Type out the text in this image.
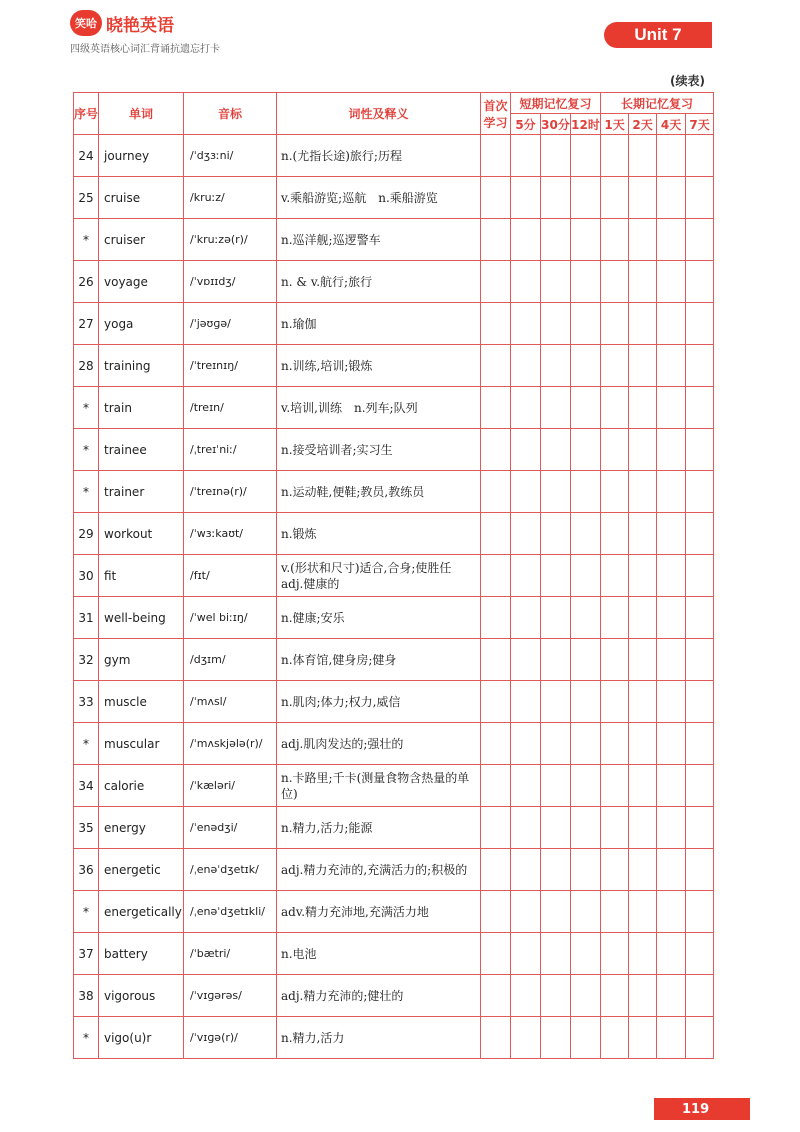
笑哈 晓艳英语
四级英语核心词汇背诵抗遗忘打卡
Unit 7
(续表)
序号	单词	音标	词性及释义	首次学习	短期记忆复习			长期记忆复习			
					5分	30分	12时	1天	2天	4天	7天
24	journey	/ˈdʒɜːni/	n.(尤指长途)旅行;历程								
25	cruise	/kruːz/	v.乘船游览;巡航　n.乘船游览								
*	cruiser	/ˈkruːzə(r)/	n.巡洋舰;巡逻警车								
26	voyage	/ˈvɒɪɪdʒ/	n. & v.航行;旅行								
27	yoga	/ˈjəʊɡə/	n.瑜伽								
28	training	/ˈtreɪnɪŋ/	n.训练,培训;锻炼								
*	train	/treɪn/	v.培训,训练　n.列车;队列								
*	trainee	/ˌtreɪˈniː/	n.接受培训者;实习生								
*	trainer	/ˈtreɪnə(r)/	n.运动鞋,便鞋;教员,教练员								
29	workout	/ˈwɜːkaʊt/	n.锻炼								
30	fit	/fɪt/	v.(形状和尺寸)适合,合身;使胜任 adj.健康的								
31	well-being	/ˈwel biːɪŋ/	n.健康;安乐								
32	gym	/dʒɪm/	n.体育馆,健身房;健身								
33	muscle	/ˈmʌsl/	n.肌肉;体力;权力,威信								
*	muscular	/ˈmʌskjələ(r)/	adj.肌肉发达的;强壮的								
34	calorie	/ˈkæləri/	n.卡路里;千卡(测量食物含热量的单位)								
35	energy	/ˈenədʒi/	n.精力,活力;能源								
36	energetic	/ˌenəˈdʒetɪk/	adj.精力充沛的,充满活力的;积极的								
*	energetically	/ˌenəˈdʒetɪkli/	adv.精力充沛地,充满活力地								
37	battery	/ˈbætri/	n.电池								
38	vigorous	/ˈvɪɡərəs/	adj.精力充沛的;健壮的								
*	vigo(u)r	/ˈvɪɡə(r)/	n.精力,活力								
119
